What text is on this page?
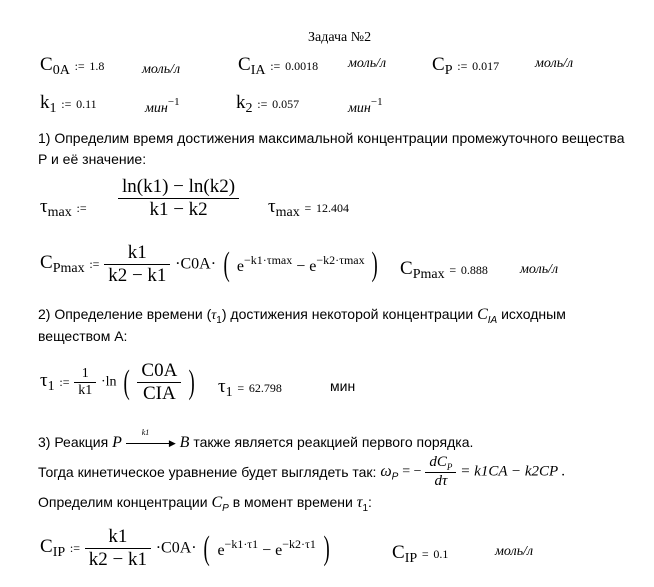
Задача №2
$C_{0A}$ := 1.8	моль/л	$C_{IA}$ := 0.0018 моль/л $C_P$ := 0.017	моль/л
$k_1$ := 0.11	мин$^{-1}$	$k_2$ := 0.057	мин$^{-1}$
1) Определим время достижения максимальной концентрации промежуточного вещества
P и её значение:
$\tau_{max}$ := $\frac{\ln(k1) - \ln(k2)}{k1 - k2} \tau_{max} = 12.404$
$C_{Pmax}$ := $\frac{k1}{k2 - k1} \cdot C0A\cdot$ ( $e^{-k1\cdot\tau max} - e^{-k2\cdot\tau max}$ ) $C_{Pmax} = 0.888$ моль/л
2) Определение времени $(\tau_1)$ достижения некоторой концентрации $C_{IA}$ исходным
веществом A:
$\tau_1$ := $\frac{1}{k1} \cdot\ln$ ( $\frac{C0A}{\text{CIA}}$ ) $\tau_1 = 62.798$	мин
3) Реакция P	▶
k1
B также является реакцией первого порядка.
Тогда кинетическое уравнение будет выглядеть так: $\omega_P$ = − $\frac{dC_P}{d\tau} = k1CA - k2CP$ .
Определим концентрации $C_P$ в момент времени $\tau_1$:
$C_{IP}$ := $\frac{k1}{k2 - k1} \cdot C0A\cdot$ ( $e^{-k1\cdot\tau 1} - e^{-k2\cdot\tau 1}$ )	$C_{IP} = 0.1$	моль/л
